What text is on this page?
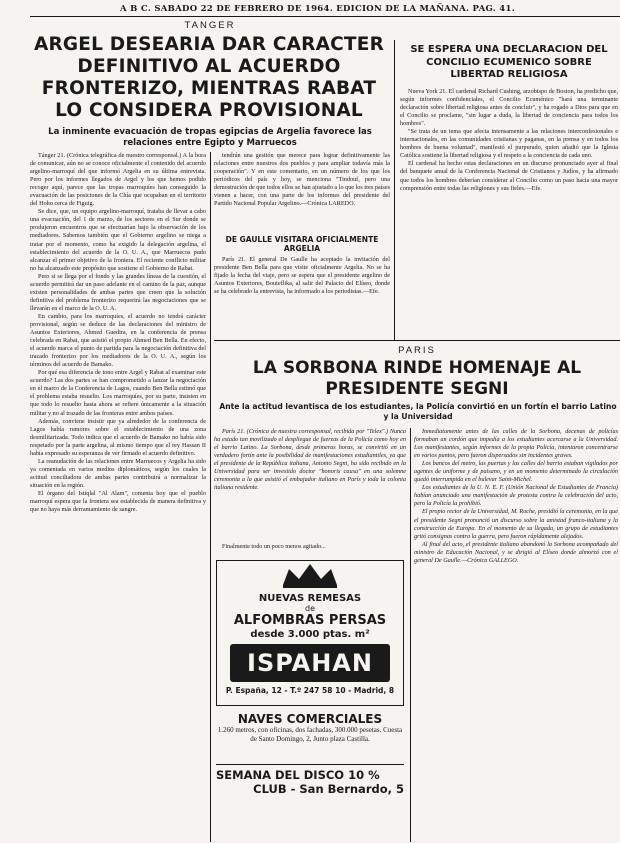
A B C. SABADO 22 DE FEBRERO DE 1964. EDICION DE LA MAÑANA. PAG. 41.
TANGER
ARGEL DESEARIA DAR CARACTER DEFINITIVO AL ACUERDO FRONTERIZO, MIENTRAS RABAT LO CONSIDERA PROVISIONAL
La inminente evacuación de tropas egipcias de Argelia favorece las relaciones entre Egipto y Marruecos

Tánger 21. (Crónica telegráfica de nuestro corresponsal.) A la hora de comunicar, aún no se conoce oficialmente el contenido del acuerdo argelino-marroquí del que informó Argelia en su última entrevista. Pero por los informes llegados de Argel y los que hemos podido recoger aquí, parece que las tropas marroquíes han conseguido la evacuación de las posiciones de la Chía que ocupaban en el territorio del Hoho cerca de Figuig.

Se dice, que, un equipo argelino-marroquí, trataba de llevar a cabo una evacuación, del 1 de marzo, de los sectores en el Sur donde se produjeron encuentros que se efectuarían bajo la observación de los mediadores. Sabemos también que el Gobierno argelino se niega a tratar por el momento, como ha exigido la delegación argelina, el establecimiento del acuerdo de la O. U. A., que Marruecos pudo alcanzar el primer objetivo de la frontera. El reciente conflicto militar no ha alcanzado este propósito que sostiene el Gobierno de Rabat.

Pero si se llega por el fondo y las grandes líneas de la cuestión, el acuerdo permitirá dar un paso adelante en el camino de la paz, aunque existen personalidades de ambas partes que creen que la solución definitiva del problema fronterizo requerirá las negociaciones que se llevarán en el marco de la O. U. A.

En cambio, para los marroquíes, el acuerdo no tendrá carácter provisional, según se deduce de las declaraciones del ministro de Asuntos Exteriores, Ahmed Guedira, en la conferencia de prensa celebrada en Rabat, que asistió el propio Ahmed Ben Bella. En efecto, el acuerdo marca el punto de partida para la negociación definitiva del trazado fronterizo por los mediadores de la O. U. A., según los términos del acuerdo de Bamako.

Por qué esa diferencia de tono entre Argel y Rabat al examinar este acuerdo? Las dos partes se han comprometido a lanzar la negociación en el marco de la Conferencia de Lagos, cuando Ben Bella estimó que el problema estaba resuelto. Los marroquíes, por su parte, insisten en que todo lo resuelto hasta ahora se refiere únicamente a la situación militar y no al trazado de las fronteras entre ambos países.

Además, conviene insistir que ya alrededor de la conferencia de Lagos había rumores sobre el establecimiento de una zona desmilitarizada. Todo indica que el acuerdo de Bamako no había sido respetado por la parte argelina, al mismo tiempo que el rey Hassan II había expresado su esperanza de ver firmado el acuerdo definitivo.

La reanudación de las relaciones entre Marruecos y Argelia ha sido ya comentada en varios medios diplomáticos, según los cuales la actitud conciliadora de ambas partes contribuirá a normalizar la situación en la región.

El órgano del Istiqlal "Al Alam", comenta hoy que el pueblo marroquí espera que la frontera sea establecida de manera definitiva y que no haya más derramamiento de sangre.

tendrán una gestión que merece para lograr definitivamente las relaciones entre nuestros dos pueblos y para ampliar todavía más la cooperación". Y en este comentario, en un número de los que los periódicos del país y hoy, se menciona "Tindouf, pero una demostración de que todos ellos se han ajustado a lo que los tres países vienen a hacer, con una parte de los informes del presidente del Partido Nacional Popular Argelino.—Crónica LAREDO.

DE GAULLE VISITARA OFICIALMENTE ARGELIA

París 21. El general De Gaulle ha aceptado la invitación del presidente Ben Bella para que visite oficialmente Argelia. No se ha fijado la fecha del viaje, pero se espera que el presidente argelino de Asuntos Exteriores, Bouteflika, al salir del Palacio del Elíseo, donde se ha celebrado la entrevista, ha informado a los periodistas.—Efe.

SE ESPERA UNA DECLARACION DEL CONCILIO ECUMENICO SOBRE LIBERTAD RELIGIOSA

Nueva York 21. El cardenal Richard Cushing, arzobispo de Boston, ha predicho que, según informes confidenciales, el Concilio Ecuménico "hará una terminante declaración sobre libertad religiosa antes de concluir", y ha rogado a Dios para que en el Concilio se proclame, "sin lugar a duda, la libertad de conciencia para todos los hombres".

"Se trata de un tema que afecta intensamente a las relaciones interconfesionales e internacionales, en las comunidades cristianas y paganas, en la prensa y en todos los hombres de buena voluntad", manifestó el purpurado, quien añadió que la Iglesia Católica sostiene la libertad religiosa y el respeto a la conciencia de cada uno.

El cardenal ha hecho estas declaraciones en un discurso pronunciado ayer al final del banquete anual de la Conferencia Nacional de Cristianos y Judíos, y ha afirmado que todos los hombres deberían considerar al Concilio como un paso hacia una mayor comprensión entre todas las religiones y sus fieles.—Efe.

PARIS
LA SORBONA RINDE HOMENAJE AL PRESIDENTE SEGNI
Ante la actitud levantisca de los estudiantes, la Policía convirtió en un fortín el barrio Latino y la Universidad

París 21. (Crónica de nuestra corresponsal, recibida por "Telex".) Nunca ha estado tan movilizado el despliegue de fuerzas de la Policía como hoy en el barrio Latino. La Sorbona, desde primeras horas, se convirtió en un verdadero fortín ante la posibilidad de manifestaciones estudiantiles, ya que el presidente de la República italiana, Antonio Segni, ha sido recibido en la Universidad para ser investido doctor "honoris causa" en una solemne ceremonia a la que asistió el embajador italiano en París y toda la colonia italiana residente.

Finalmente todo un poco menos agitado...

Inmediatamente antes de las calles de la Sorbona, decenas de policías formaban un cordón que impedía a los estudiantes acercarse a la Universidad. Los manifestantes, según informes de la propia Policía, intentaron concentrarse en varios puntos, pero fueron dispersados sin incidentes graves.

Los bancos del metro, las puertas y las calles del barrio estaban vigilados por agentes de uniforme y de paisano, y en un momento determinado la circulación quedó interrumpida en el bulevar Saint-Michel.

Los estudiantes de la U. N. E. F. (Unión Nacional de Estudiantes de Francia) habían anunciado una manifestación de protesta contra la celebración del acto, pero la Policía la prohibió.

El propio rector de la Universidad, M. Roche, presidió la ceremonia, en la que el presidente Segni pronunció un discurso sobre la amistad franco-italiana y la construcción de Europa. En el momento de su llegada, un grupo de estudiantes gritó consignas contra la guerra, pero fueron rápidamente alejados.

Al final del acto, el presidente italiano abandonó la Sorbona acompañado del ministro de Educación Nacional, y se dirigió al Elíseo donde almorzó con el general De Gaulle.—Crónica GALLEGO.

NUEVAS REMESAS
de
ALFOMBRAS PERSAS
desde 3.000 ptas. m²
ISPAHAN
P. España, 12 - T.º 247 58 10 - Madrid, 8
NAVES COMERCIALES
1.260 metros, con oficinas, dos fachadas, 300.000 pesetas. Cuesta de Santo Domingo, 2, Junto plaza Castilla.
SEMANA DEL DISCO 10 %
CLUB - San Bernardo, 5
